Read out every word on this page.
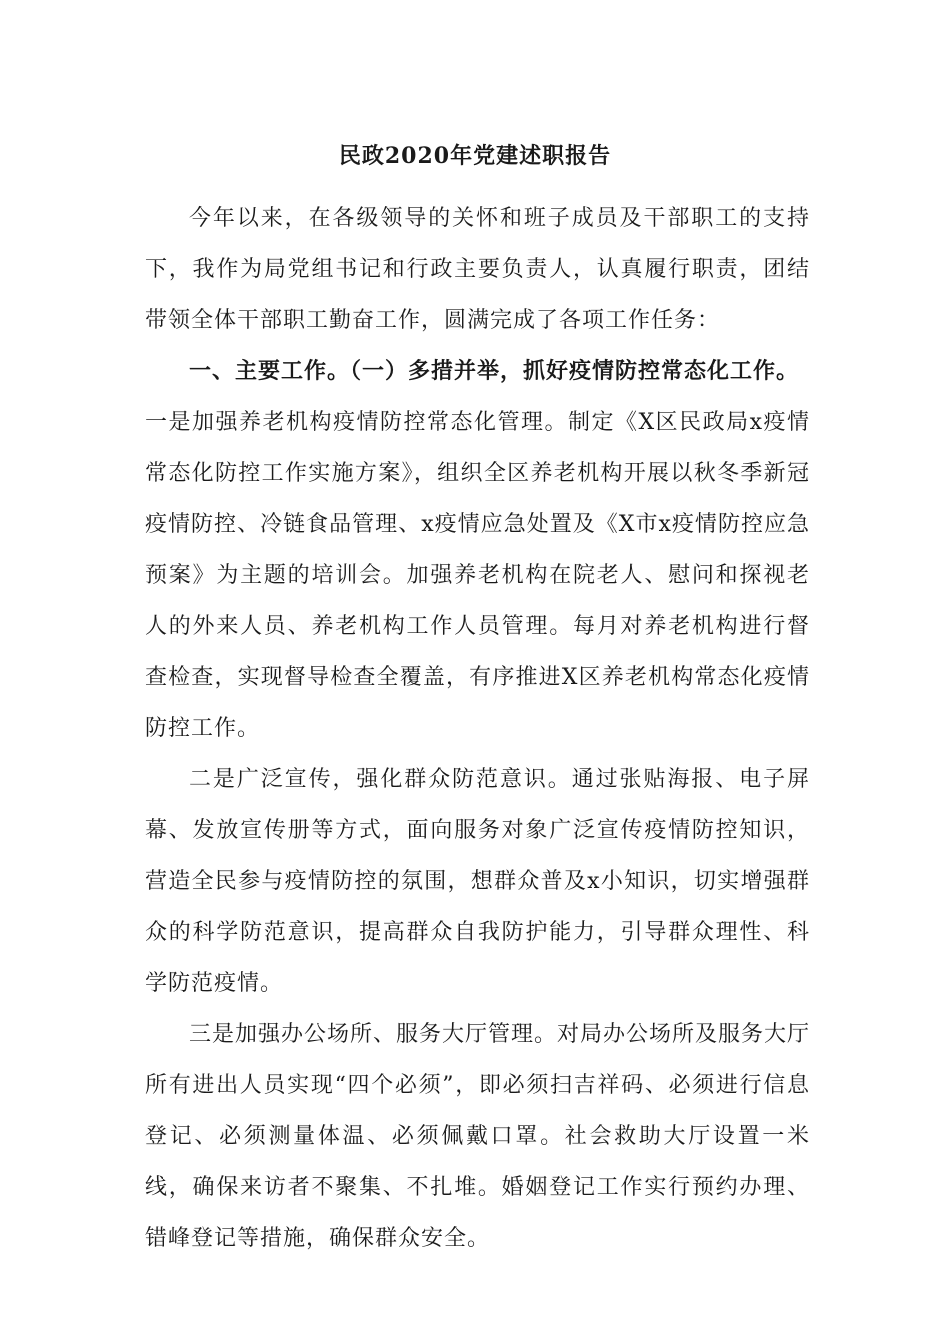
民政2020年党建述职报告

今年以来，在各级领导的关怀和班子成员及干部职工的支持下，我作为局党组书记和行政主要负责人，认真履行职责，团结带领全体干部职工勤奋工作，圆满完成了各项工作任务：

一、主要工作。（一）多措并举，抓好疫情防控常态化工作。

一是加强养老机构疫情防控常态化管理。制定《X区民政局x疫情常态化防控工作实施方案》，组织全区养老机构开展以秋冬季新冠疫情防控、冷链食品管理、x疫情应急处置及《X市x疫情防控应急预案》为主题的培训会。加强养老机构在院老人、慰问和探视老人的外来人员、养老机构工作人员管理。每月对养老机构进行督查检查，实现督导检查全覆盖，有序推进X区养老机构常态化疫情防控工作。

二是广泛宣传，强化群众防范意识。通过张贴海报、电子屏幕、发放宣传册等方式，面向服务对象广泛宣传疫情防控知识，营造全民参与疫情防控的氛围，想群众普及x小知识，切实增强群众的科学防范意识，提高群众自我防护能力，引导群众理性、科学防范疫情。

三是加强办公场所、服务大厅管理。对局办公场所及服务大厅所有进出人员实现“四个必须”，即必须扫吉祥码、必须进行信息登记、必须测量体温、必须佩戴口罩。社会救助大厅设置一米线，确保来访者不聚集、不扎堆。婚姻登记工作实行预约办理、错峰登记等措施，确保群众安全。
